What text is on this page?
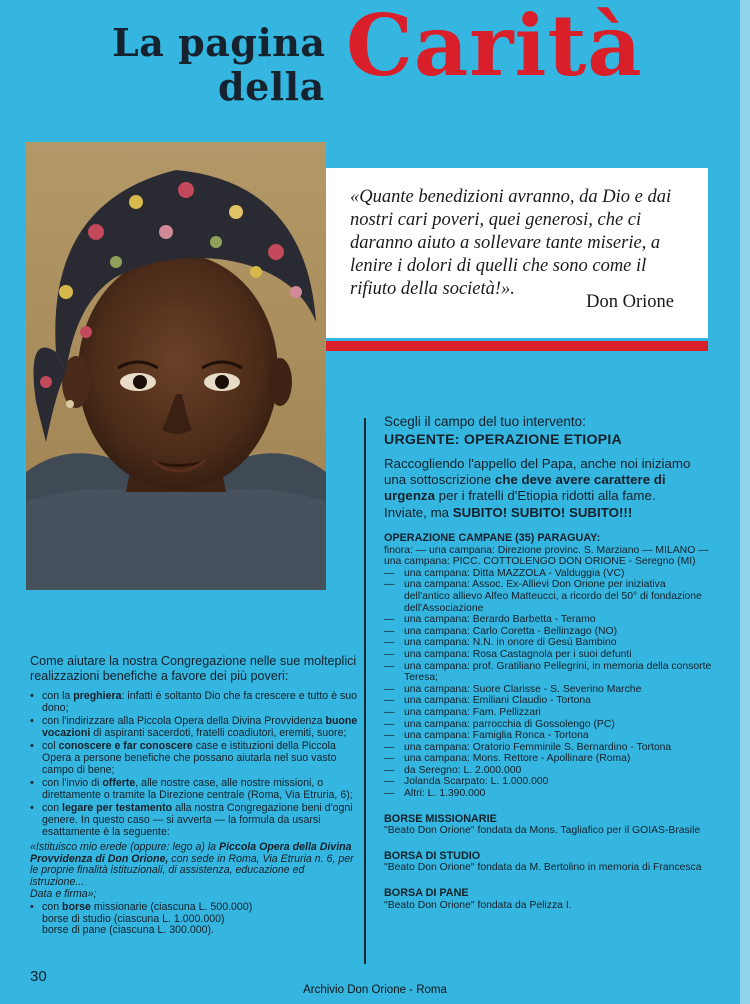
La pagina
della Carità
«Quante benedizioni avranno, da Dio e dai nostri cari poveri, quei generosi, che ci daranno aiuto a sollevare tante miserie, a lenire i dolori di quelli che sono come il rifiuto della società!».
Don Orione

Scegli il campo del tuo intervento:

URGENTE: OPERAZIONE ETIOPIA

Raccogliendo l'appello del Papa, anche noi iniziamo una sottoscrizione che deve avere carattere di urgenza per i fratelli d'Etiopia ridotti alla fame.

Inviate, ma SUBITO! SUBITO! SUBITO!!!

OPERAZIONE CAMPANE (35) PARAGUAY:

finora: — una campana: Direzione provinc. S. Marziano — MILANO — una campana: PICC. COTTOLENGO DON ORIONE - Seregno (MI)

— una campana: Ditta MAZZOLA - Valduggia (VC)
— una campana: Assoc. Ex-Allievi Don Orione per iniziativa dell'antico allievo Alfeo Matteucci, a ricordo del 50° di fondazione dell'Associazione
— una campana: Berardo Barbetta - Teramo
— una campana: Carlo Coretta - Bellinzago (NO)
— una campana: N.N. in onore di Gesù Bambino
— una campana: Rosa Castagnola per i suoi defunti
— una campana: prof. Gratiliano Pellegrini, in memoria della consorte Teresa;
— una campana: Suore Clarisse - S. Severino Marche
— una campana: Emiliani Claudio - Tortona
— una campana: Fam. Pellizzari
— una campana: parrocchia di Gossolengo (PC)
— una campana: Famiglia Ronca - Tortona
— una campana: Oratorio Femminile S. Bernardino - Tortona
— una campana: Mons. Rettore - Apollinare (Roma)
— da Seregno: L. 2.000.000
— Jolanda Scarpato: L. 1.000.000
— Altri: L. 1.390.000

BORSE MISSIONARIE

"Beato Don Orione" fondata da Mons. Tagliafico per il GOIAS-Brasile

BORSA DI STUDIO

"Beato Don Orione" fondata da M. Bertolino in memoria di Francesca

BORSA DI PANE

"Beato Don Orione" fondata da Pelizza I.

Come aiutare la nostra Congregazione nelle sue molteplici realizzazioni benefiche a favore dei più poveri:

• con la preghiera: infatti è soltanto Dio che fa crescere e tutto è suo dono;
• con l'indirizzare alla Piccola Opera della Divina Provvidenza buone vocazioni di aspiranti sacerdoti, fratelli coadiutori, eremiti, suore;
• col conoscere e far conoscere case e istituzioni della Piccola Opera a persone benefiche che possano aiutarla nel suo vasto campo di bene;
• con l'invio di offerte, alle nostre case, alle nostre missioni, o direttamente o tramite la Direzione centrale (Roma, Via Etruria, 6);
• con legare per testamento alla nostra Congregazione beni d'ogni genere. In questo caso — si avverta — la formula da usarsi esattamente è la seguente:

«Istituisco mio erede (oppure: lego a) la Piccola Opera della Divina Provvidenza di Don Orione, con sede in Roma, Via Etruria n. 6, per le proprie finalità istituzionali, di assistenza, educazione ed istruzione...
Data e firma»;

• con borse missionarie (ciascuna L. 500.000)
borse di studio (ciascuna L. 1.000.000)
borse di pane (ciascuna L. 300.000).
30
Archivio Don Orione - Roma
